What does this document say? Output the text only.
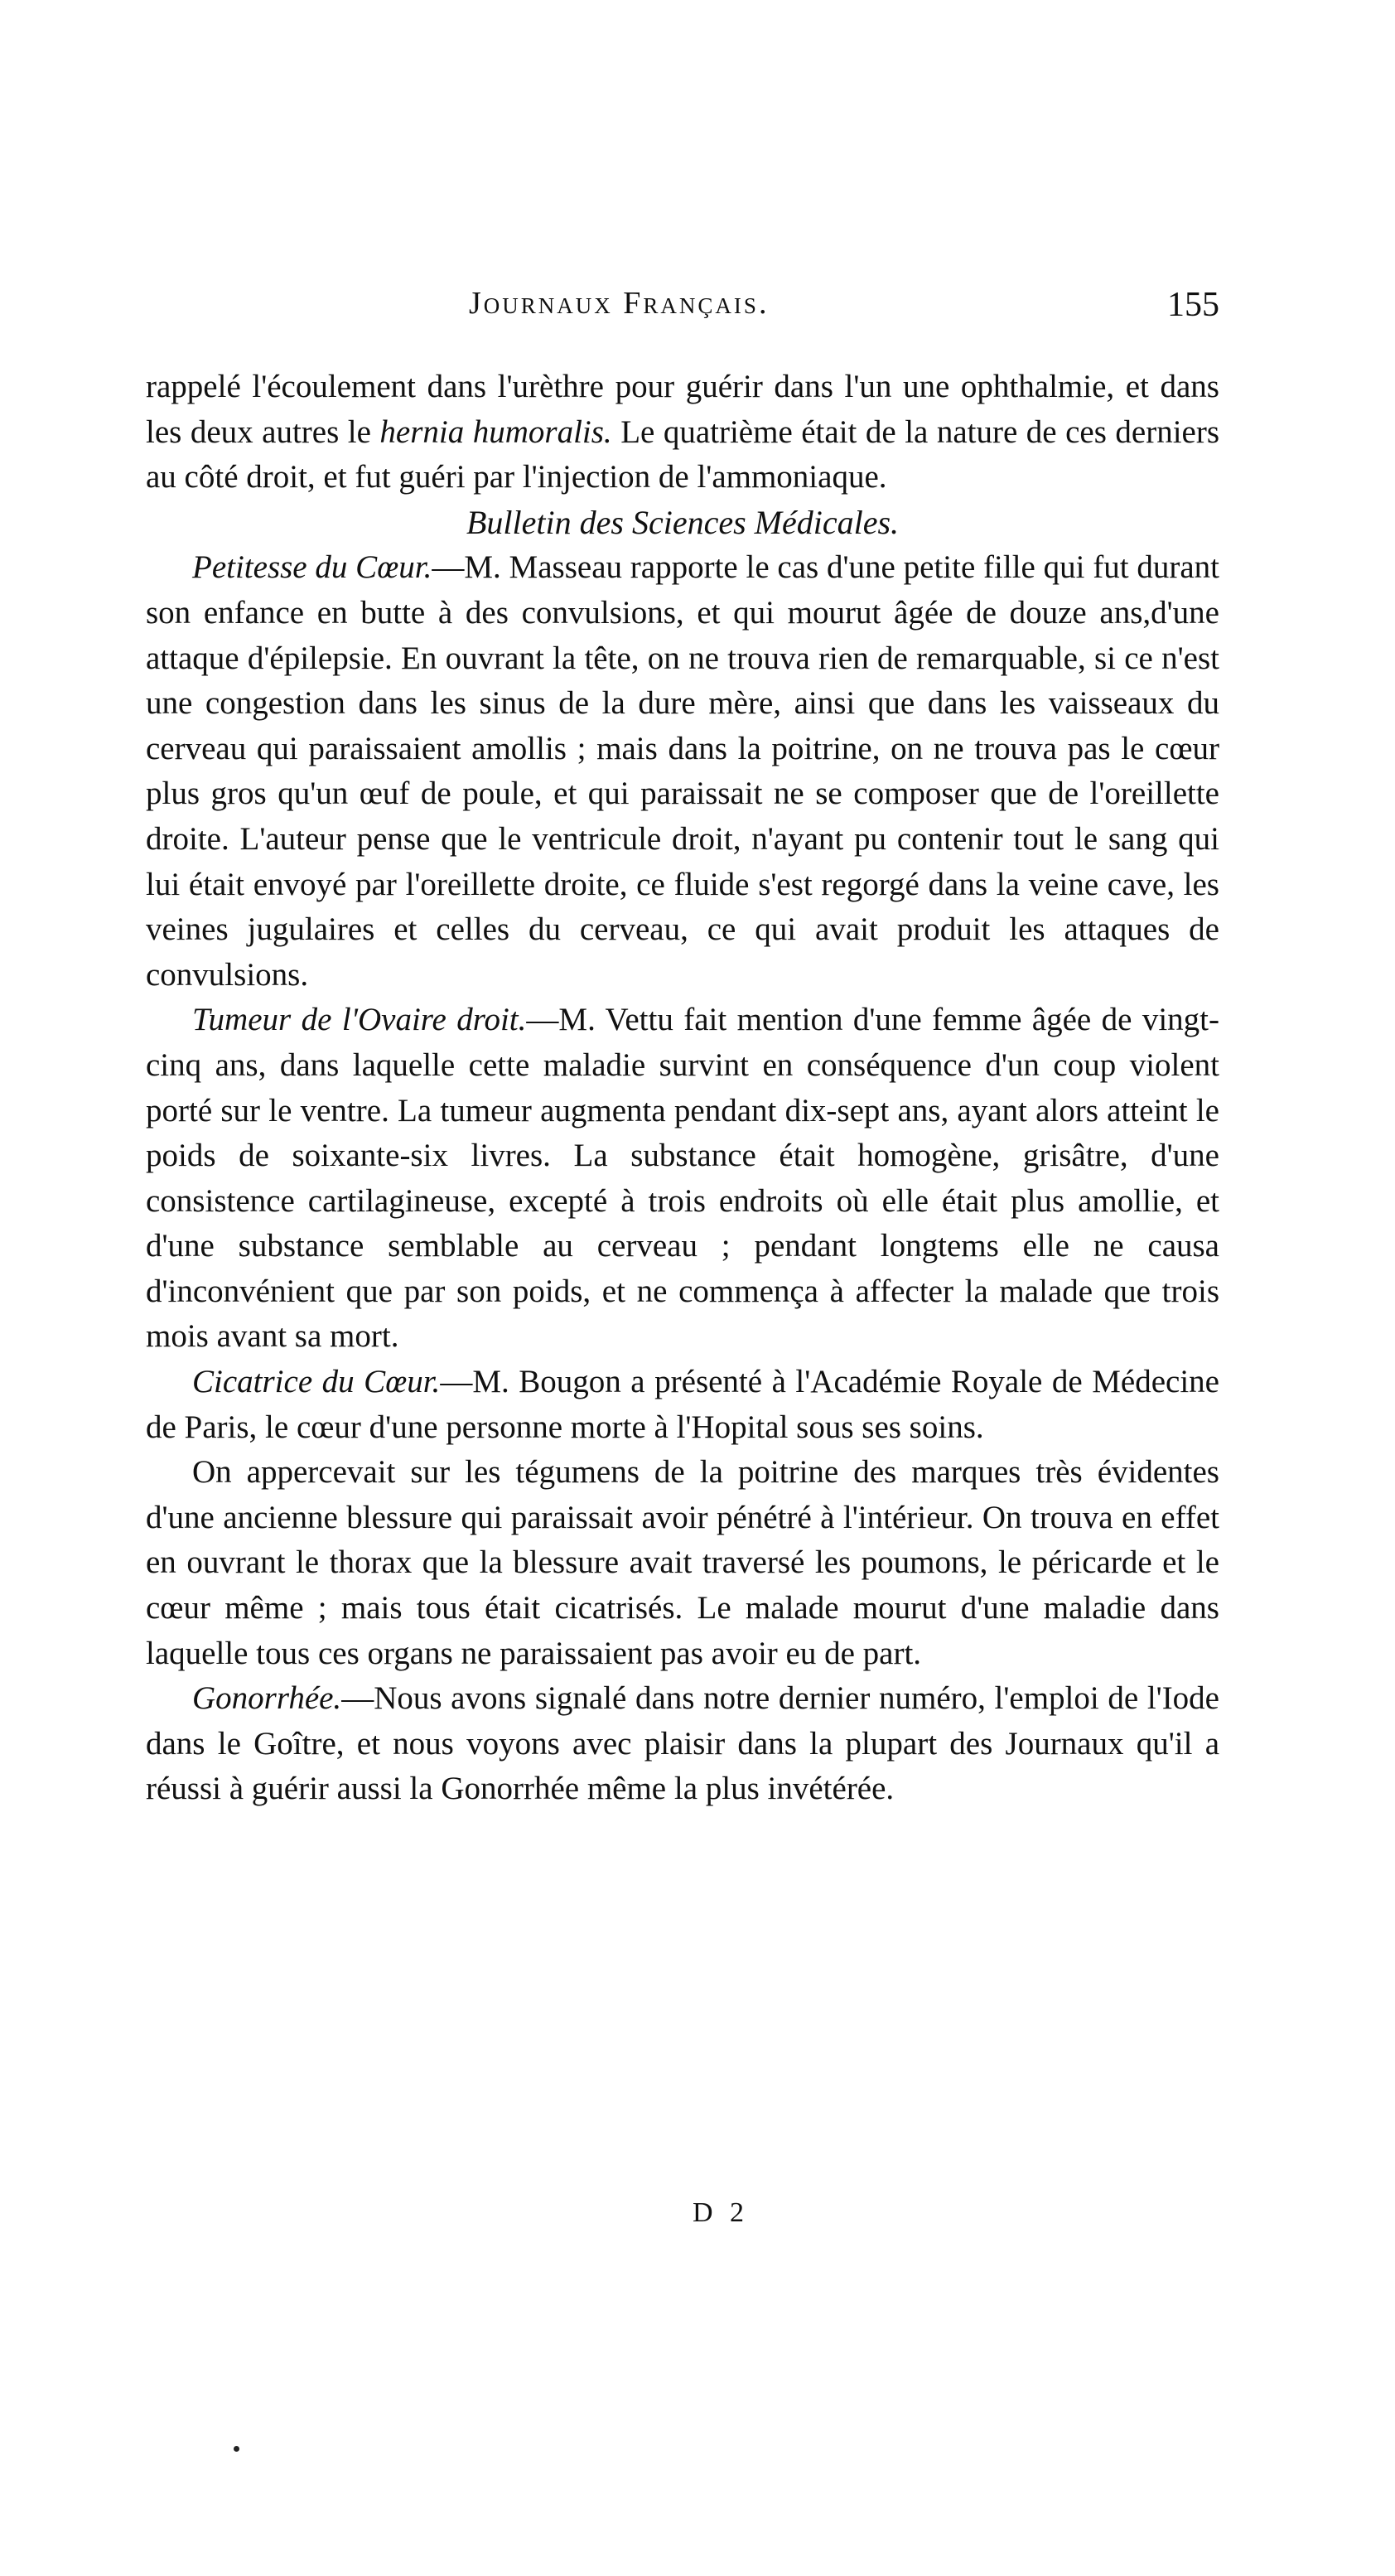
Journaux Français.	155

rappelé l'écoulement dans l'urèthre pour guérir dans l'un une ophthalmie, et dans les deux autres le hernia humoralis. Le quatrième était de la nature de ces derniers au côté droit, et fut guéri par l'injection de l'ammoniaque.

Bulletin des Sciences Médicales.

Petitesse du Cœur.—M. Masseau rapporte le cas d'une petite fille qui fut durant son enfance en butte à des convulsions, et qui mourut âgée de douze ans,d'une attaque d'épilepsie. En ouvrant la tête, on ne trouva rien de remarquable, si ce n'est une congestion dans les sinus de la dure mère, ainsi que dans les vaisseaux du cerveau qui paraissaient amollis ; mais dans la poitrine, on ne trouva pas le cœur plus gros qu'un œuf de poule, et qui paraissait ne se composer que de l'oreillette droite. L'auteur pense que le ventricule droit, n'ayant pu contenir tout le sang qui lui était envoyé par l'oreillette droite, ce fluide s'est regorgé dans la veine cave, les veines jugulaires et celles du cerveau, ce qui avait produit les attaques de convulsions.

Tumeur de l'Ovaire droit.—M. Vettu fait mention d'une femme âgée de vingt-cinq ans, dans laquelle cette maladie survint en conséquence d'un coup violent porté sur le ventre. La tumeur augmenta pendant dix-sept ans, ayant alors atteint le poids de soixante-six livres. La substance était homogène, grisâtre, d'une consistence cartilagineuse, excepté à trois endroits où elle était plus amollie, et d'une substance semblable au cerveau ; pendant longtems elle ne causa d'inconvénient que par son poids, et ne commença à affecter la malade que trois mois avant sa mort.

Cicatrice du Cœur.—M. Bougon a présenté à l'Académie Royale de Médecine de Paris, le cœur d'une personne morte à l'Hopital sous ses soins.

On appercevait sur les tégumens de la poitrine des marques très évidentes d'une ancienne blessure qui paraissait avoir pénétré à l'intérieur. On trouva en effet en ouvrant le thorax que la blessure avait traversé les poumons, le péricarde et le cœur même ; mais tous était cicatrisés. Le malade mourut d'une maladie dans laquelle tous ces organs ne paraissaient pas avoir eu de part.

Gonorrhée.—Nous avons signalé dans notre dernier numéro, l'emploi de l'Iode dans le Goître, et nous voyons avec plaisir dans la plupart des Journaux qu'il a réussi à guérir aussi la Gonorrhée même la plus invétérée.

D 2
